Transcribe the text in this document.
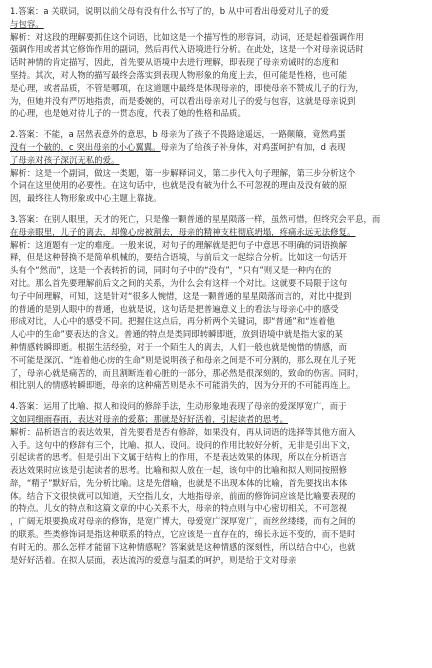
1.答案：a 关联词，说明以前父母有没有什么书写了的，b 从中可看出母爱对儿子的爱
与包容。
解析：对这段的理解要抓住这个词语，比如这是一个描写性的形容词，动词，还是起着强调作用
强调作用或者其它修饰作用的副词，然后再代入语境进行分析。在此处，这是一个对母亲说话时
话时神情的肯定描写，因此，首先要从语境中去进行理解，即表现了母亲劝诫时的态度和
坚持。其次，对人物的描写最终会落实到表现人物形象的角度上去，但可能是性格，也可能
是心理，或者品质，不管是哪项，在这道题中最终是体现母亲的，即使母亲不赞成儿子的行为，
为，但她并没有严厉地指责，而是委婉的，可以看出母亲对儿子的爱与包容，这就是母亲说到
的心理，也是她对待儿子的一贯态度，代表了她的性格和品质。
2.答案：不能，a 居然表意外的意思，b 母亲为了孩子不畏路途遥远，一路颠簸，竟然鸡蛋
没有一个破的，c 突出母亲的小心翼翼。母亲为了给孩子补身体，对鸡蛋呵护有加，d 表现
了母亲对孩子深沉无私的爱。
解析：这是一个副词，做这一类题，第一步解释词义，第二步代入句子理解，第三步分析这个
个词在这里使用的必要性。在这句话中，也就是没有破为什么不可忽视的理由及没有破的原
因，最终往人物形象或中心主题上靠拢。
3.答案：在别人眼里，天才的死亡，只是像一颗普通的星星陨落一样，虽然可惜，但终究会平息，而
在母亲眼里，儿子的离去，却像心房被割去，母亲的精神支柱彻底坍塌，疼痛永远无法修复。
解析：这道题有一定的难度。一般来说，对句子的理解就是把句子中意思不明确的词语换解
释，但是这种替换不是简单机械的，要结合语境，与前后文一起综合分析。比如这一句话开
头有个“然而”，这是一个表转折的词，同时句子中的“没有”，“只有”则又是一种内在的
对比。那么首先要理解前后文之间的关系，为什么会有这样一个对比。这就要不局限于这句
句子中间理解，可知，这是针对“很多人惋惜，这是一颗普通的星星陨落而言的，对比中提到
的普通的是别人眼中的普通，也就是说，这句话是把普遍意义上的看法与母亲心中的感受
形成对比，人心中的感受不同。把握住这点后，再分析两个关键词，即“普通”和“连着他
人心中的生命”要表达的含义。普通的特点是类同即转瞬即逝，放到语境中就是指大家的某
种情感转瞬即逝。根据生活经验，对于一个陌生人的离去，人们一般也就是惋惜的情感，而
不可能是深沉、“连着他心房的生命”则是说明孩子和母亲之间是不可分割的，那么现在儿子死
了，母亲心就是痛苦的，而且割断连着心脏的一部分，那必然是很深刻的，致命的伤害。同时，
相比别人的情感转瞬即逝，母亲的这种痛苦则是永不可能消失的，因为分开的不可能再连上。
4.答案：运用了比喻、拟人和设问的修辞手法，生动形象地表现了母亲的爱深厚宽广，而于
文如同细雨春雨，表达对母亲的爱慕；那就是好好活着，引起读者的思考。
解析：品析语言的表达效果，首先要看是否有修辞，如果没有，再从词语的选择等其他方面入
入手。这句中的修辞有三个，比喻、拟人、设问。设问的作用比较好分析，无非是引出下文，
引起读者的思考。但是引出下文属于结构上的作用，不是表达效果的体现，所以在分析语言
表达效果时应该是引起读者的思考。比喻和拟人放在一起，该句中的比喻和拟人则同按照修
辞，“精子”默好后，先分析比喻。这是先借喻，也就是不出现本体的比喻，首先要找出本体
体。结合下文很快就可以知道，天空指儿女，大地指母亲，前面的修饰词应该是比喻要表现的
的特点。儿女的特点和这篇文章的中心关系不大，母亲的特点则与中心密切相关，不可忽视
，广阔无垠要换成对母亲的修饰，是宽广博大，母爱宽广深厚宽广，而丝丝缕缕，而有之间的
的联系。些类修饰词是指这种联系的特点，它应该是一直存在的，绵长永远不变的，而不是时
有时无的。那么怎样才能留下这种情感呢？答案就是这种情感的深刻性，所以结合中心，也就
是好好活着。在拟人层面，表达流泻的爱意与温柔的呵护，则是给于文对母亲
